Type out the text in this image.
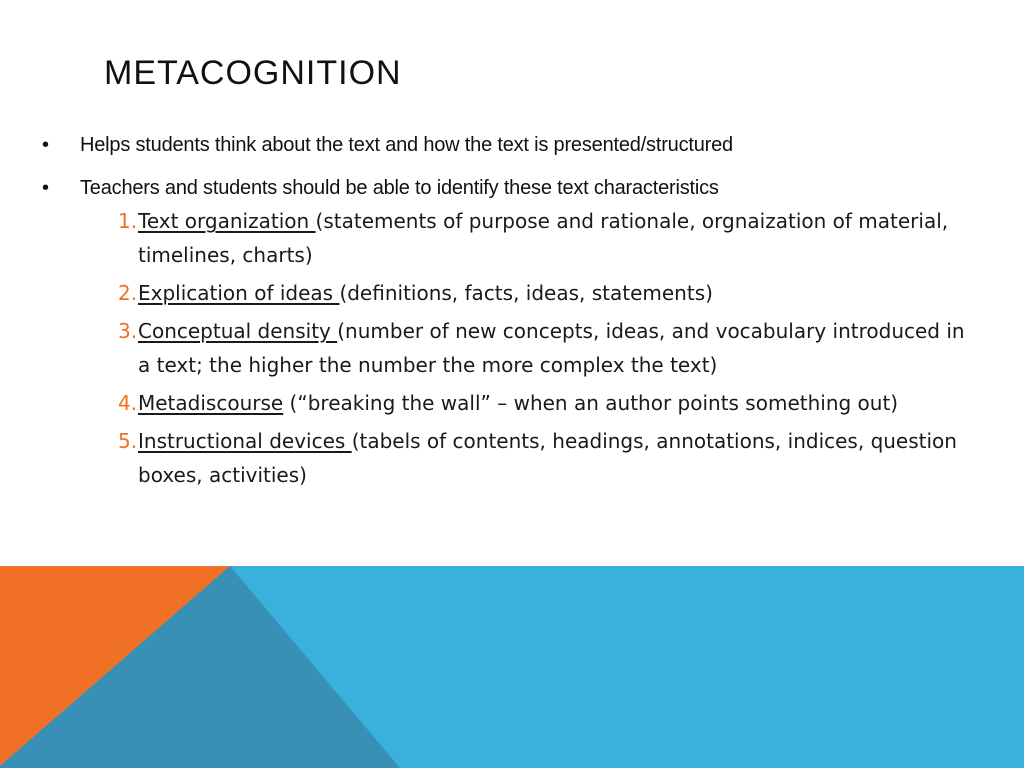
METACOGNITION
• Helps students think about the text and how the text is presented/structured
• Teachers and students should be able to identify these text characteristics
1. Text organization (statements of purpose and rationale, orgnaization of material, timelines, charts)
2. Explication of ideas (definitions, facts, ideas, statements)
3. Conceptual density (number of new concepts, ideas, and vocabulary introduced in a text; the higher the number the more complex the text)
4. Metadiscourse (“breaking the wall” – when an author points something out)
5. Instructional devices (tabels of contents, headings, annotations, indices, question boxes, activities)
